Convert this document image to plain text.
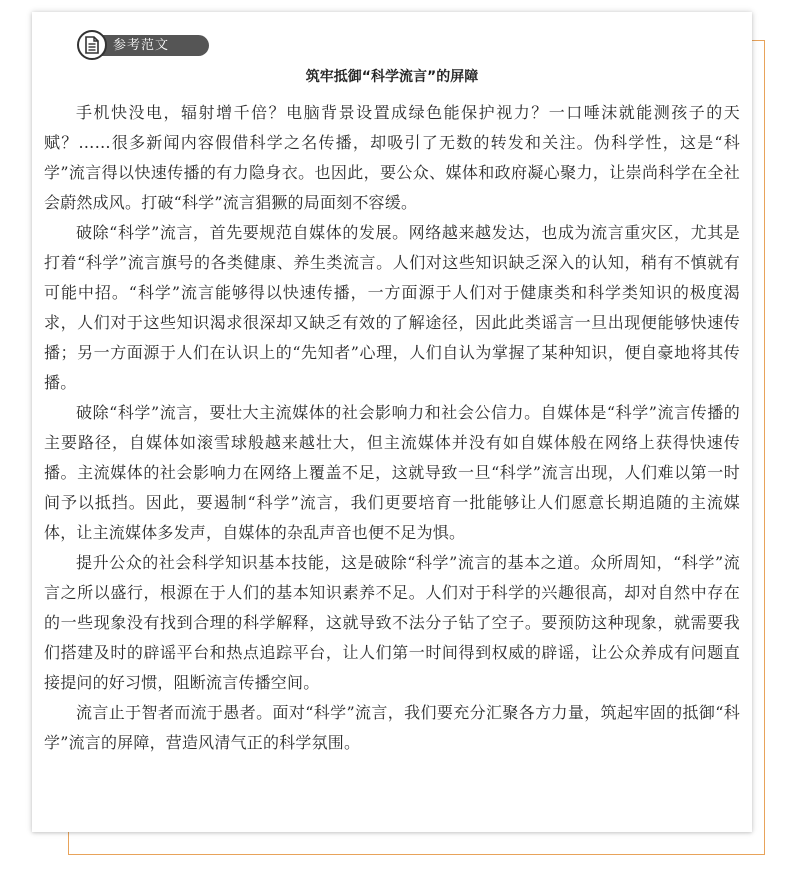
参考范文
筑牢抵御“科学流言”的屏障

手机快没电，辐射增千倍？电脑背景设置成绿色能保护视力？一口唾沫就能测孩子的天赋？……很多新闻内容假借科学之名传播，却吸引了无数的转发和关注。伪科学性，这是“科学”流言得以快速传播的有力隐身衣。也因此，要公众、媒体和政府凝心聚力，让崇尚科学在全社会蔚然成风。打破“科学”流言猖獗的局面刻不容缓。

破除“科学”流言，首先要规范自媒体的发展。网络越来越发达，也成为流言重灾区，尤其是打着“科学”流言旗号的各类健康、养生类流言。人们对这些知识缺乏深入的认知，稍有不慎就有可能中招。“科学”流言能够得以快速传播，一方面源于人们对于健康类和科学类知识的极度渴求，人们对于这些知识渴求很深却又缺乏有效的了解途径，因此此类谣言一旦出现便能够快速传播；另一方面源于人们在认识上的“先知者”心理，人们自认为掌握了某种知识，便自豪地将其传播。

破除“科学”流言，要壮大主流媒体的社会影响力和社会公信力。自媒体是“科学”流言传播的主要路径，自媒体如滚雪球般越来越壮大，但主流媒体并没有如自媒体般在网络上获得快速传播。主流媒体的社会影响力在网络上覆盖不足，这就导致一旦“科学”流言出现，人们难以第一时间予以抵挡。因此，要遏制“科学”流言，我们更要培育一批能够让人们愿意长期追随的主流媒体，让主流媒体多发声，自媒体的杂乱声音也便不足为惧。

提升公众的社会科学知识基本技能，这是破除“科学”流言的基本之道。众所周知，“科学”流言之所以盛行，根源在于人们的基本知识素养不足。人们对于科学的兴趣很高，却对自然中存在的一些现象没有找到合理的科学解释，这就导致不法分子钻了空子。要预防这种现象，就需要我们搭建及时的辟谣平台和热点追踪平台，让人们第一时间得到权威的辟谣，让公众养成有问题直接提问的好习惯，阻断流言传播空间。

流言止于智者而流于愚者。面对“科学”流言，我们要充分汇聚各方力量，筑起牢固的抵御“科学”流言的屏障，营造风清气正的科学氛围。
